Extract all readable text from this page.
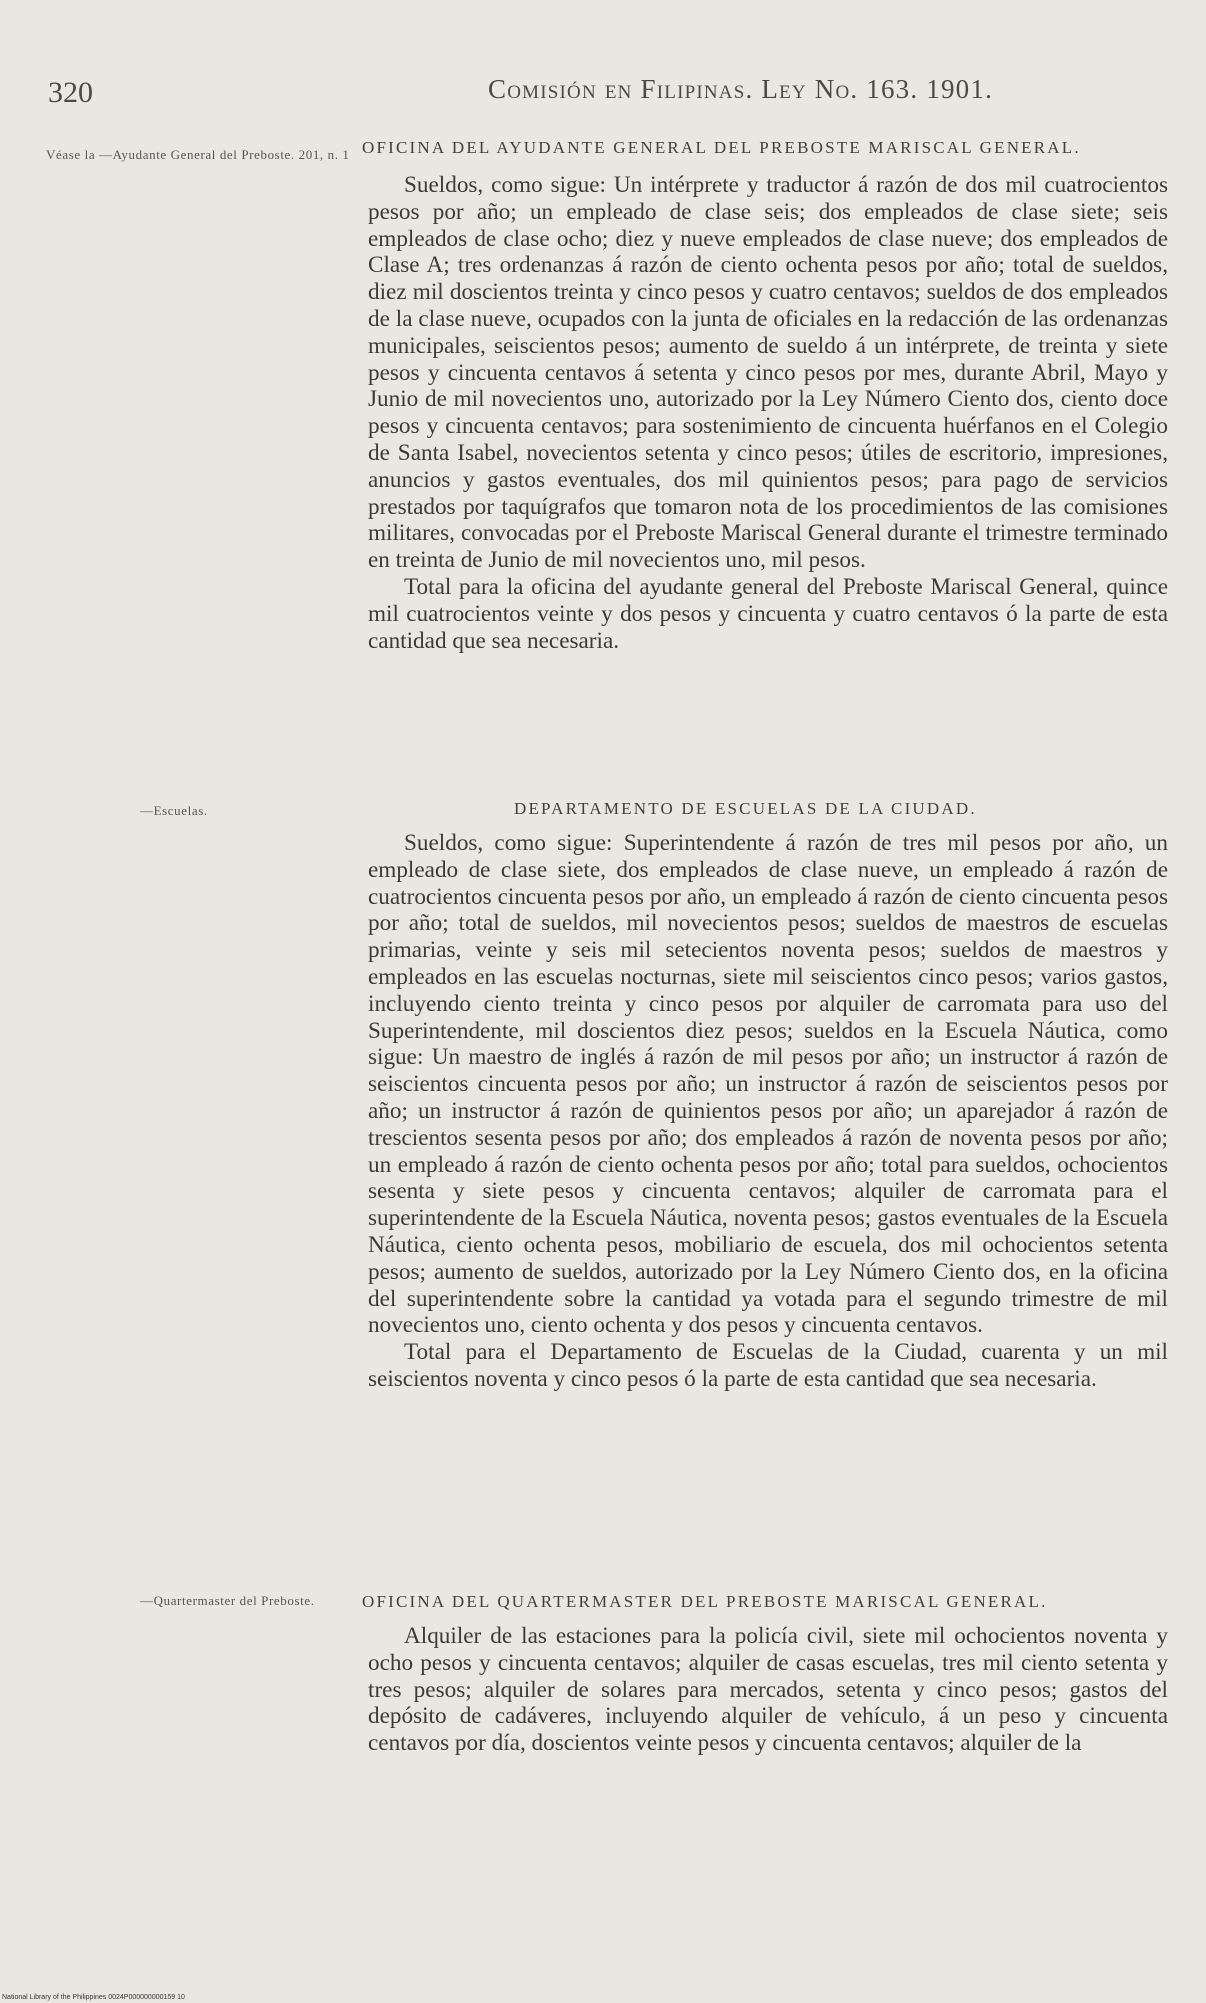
320	Comisión en Filipinas. Ley No. 163. 1901.
Véase la —Ayudante General del Preboste. 201, n. 1 OFICINA DEL AYUDANTE GENERAL DEL PREBOSTE MARISCAL GENERAL.

Sueldos, como sigue: Un intérprete y traductor á razón de dos mil cuatrocientos pesos por año; un empleado de clase seis; dos empleados de clase siete; seis empleados de clase ocho; diez y nueve empleados de clase nueve; dos empleados de Clase A; tres ordenanzas á razón de ciento ochenta pesos por año; total de sueldos, diez mil doscientos treinta y cinco pesos y cuatro centavos; sueldos de dos empleados de la clase nueve, ocupados con la junta de oficiales en la redacción de las ordenanzas municipales, seiscientos pesos; aumento de sueldo á un intérprete, de treinta y siete pesos y cincuenta centavos á setenta y cinco pesos por mes, durante Abril, Mayo y Junio de mil novecientos uno, autorizado por la Ley Número Ciento dos, ciento doce pesos y cincuenta centavos; para sostenimiento de cincuenta huérfanos en el Colegio de Santa Isabel, novecientos setenta y cinco pesos; útiles de escritorio, impresiones, anuncios y gastos eventuales, dos mil quinientos pesos; para pago de servicios prestados por taquígrafos que tomaron nota de los procedimientos de las comisiones militares, convocadas por el Preboste Mariscal General durante el trimestre terminado en treinta de Junio de mil novecientos uno, mil pesos.

Total para la oficina del ayudante general del Preboste Mariscal General, quince mil cuatrocientos veinte y dos pesos y cincuenta y cuatro centavos ó la parte de esta cantidad que sea necesaria.

—Escuelas.	DEPARTAMENTO DE ESCUELAS DE LA CIUDAD.

Sueldos, como sigue: Superintendente á razón de tres mil pesos por año, un empleado de clase siete, dos empleados de clase nueve, un empleado á razón de cuatrocientos cincuenta pesos por año, un empleado á razón de ciento cincuenta pesos por año; total de sueldos, mil novecientos pesos; sueldos de maestros de escuelas primarias, veinte y seis mil setecientos noventa pesos; sueldos de maestros y empleados en las escuelas nocturnas, siete mil seiscientos cinco pesos; varios gastos, incluyendo ciento treinta y cinco pesos por alquiler de carromata para uso del Superintendente, mil doscientos diez pesos; sueldos en la Escuela Náutica, como sigue: Un maestro de inglés á razón de mil pesos por año; un instructor á razón de seiscientos cincuenta pesos por año; un instructor á razón de seiscientos pesos por año; un instructor á razón de quinientos pesos por año; un aparejador á razón de trescientos sesenta pesos por año; dos empleados á razón de noventa pesos por año; un empleado á razón de ciento ochenta pesos por año; total para sueldos, ochocientos sesenta y siete pesos y cincuenta centavos; alquiler de carromata para el superintendente de la Escuela Náutica, noventa pesos; gastos eventuales de la Escuela Náutica, ciento ochenta pesos, mobiliario de escuela, dos mil ochocientos setenta pesos; aumento de sueldos, autorizado por la Ley Número Ciento dos, en la oficina del superintendente sobre la cantidad ya votada para el segundo trimestre de mil novecientos uno, ciento ochenta y dos pesos y cincuenta centavos.

Total para el Departamento de Escuelas de la Ciudad, cuarenta y un mil seiscientos noventa y cinco pesos ó la parte de esta cantidad que sea necesaria.

—Quartermaster del Preboste.	OFICINA DEL QUARTERMASTER DEL PREBOSTE MARISCAL GENERAL.

Alquiler de las estaciones para la policía civil, siete mil ochocientos noventa y ocho pesos y cincuenta centavos; alquiler de casas escuelas, tres mil ciento setenta y tres pesos; alquiler de solares para mercados, setenta y cinco pesos; gastos del depósito de cadáveres, incluyendo alquiler de vehículo, á un peso y cincuenta centavos por día, doscientos veinte pesos y cincuenta centavos; alquiler de la

National Library of the Philippines 0024P000000000159 10
